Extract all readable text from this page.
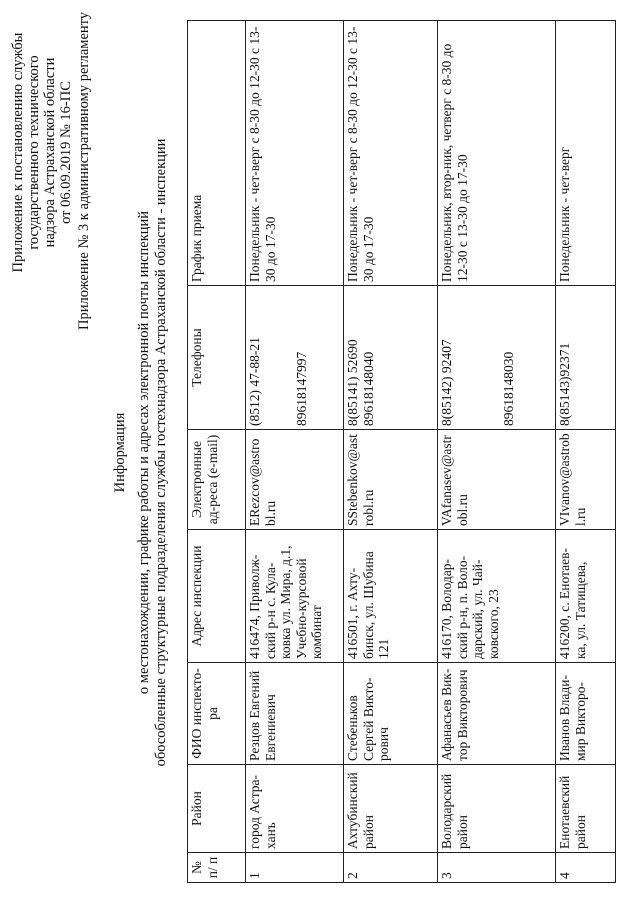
Приложение к постановлению службы государственного технического надзора Астраханской области от 06.09.2019 № 16-ПС Приложение № 3 к административному регламенту
Информация о местонахождении, графике работы и адресах электронной почты инспекций обособленные структурные подразделения службы гостехнадзора Астраханской области - инспекции
№ п/ п	Район	ФИО инспекто-ра	Адрес инспекции	Электронные ад-реса (e-mail)	Телефоны	График приема
1	город Астра-ханъ	Резцов Евгений Евгениевич	416474, Приволж-ский р-н с. Кула-ковка ул. Мира, д.1, Учебно-курсовой комбинат	ERezcov@astrobl.ru	(8512) 47-88-21 89618147997	Понедельник - чет-верг с 8-30 до 12-30 с 13-30 до 17-30
2	Ахтубинский район	Стебеньков Сергей Викто-рович	416501, г. Ахту-бинск, ул. Шубина 121	SStebenkov@astrobl.ru	8(85141) 52690 89618148040	Понедельник - чет-верг с 8-30 до 12-30 с 13-30 до 17-30
3	Володарский район	Афанасьев Вик-тор Викторович	416170, Володар-ский р-н, п. Воло-дарский, ул. Чай-ковского, 23	VAfanasev@astrobl.ru	8(85142) 92407 89618148030	Понедельник, втор-ник, четверг с 8-30 до 12-30 с 13-30 до 17-30
4	Енотаевский район	Иванов Влади-мир Викторо-	416200, с. Енотаев-ка, ул. Татищева,	VIvanov@astrobl.ru	8(85143)92371	Понедельник - чет-верг
